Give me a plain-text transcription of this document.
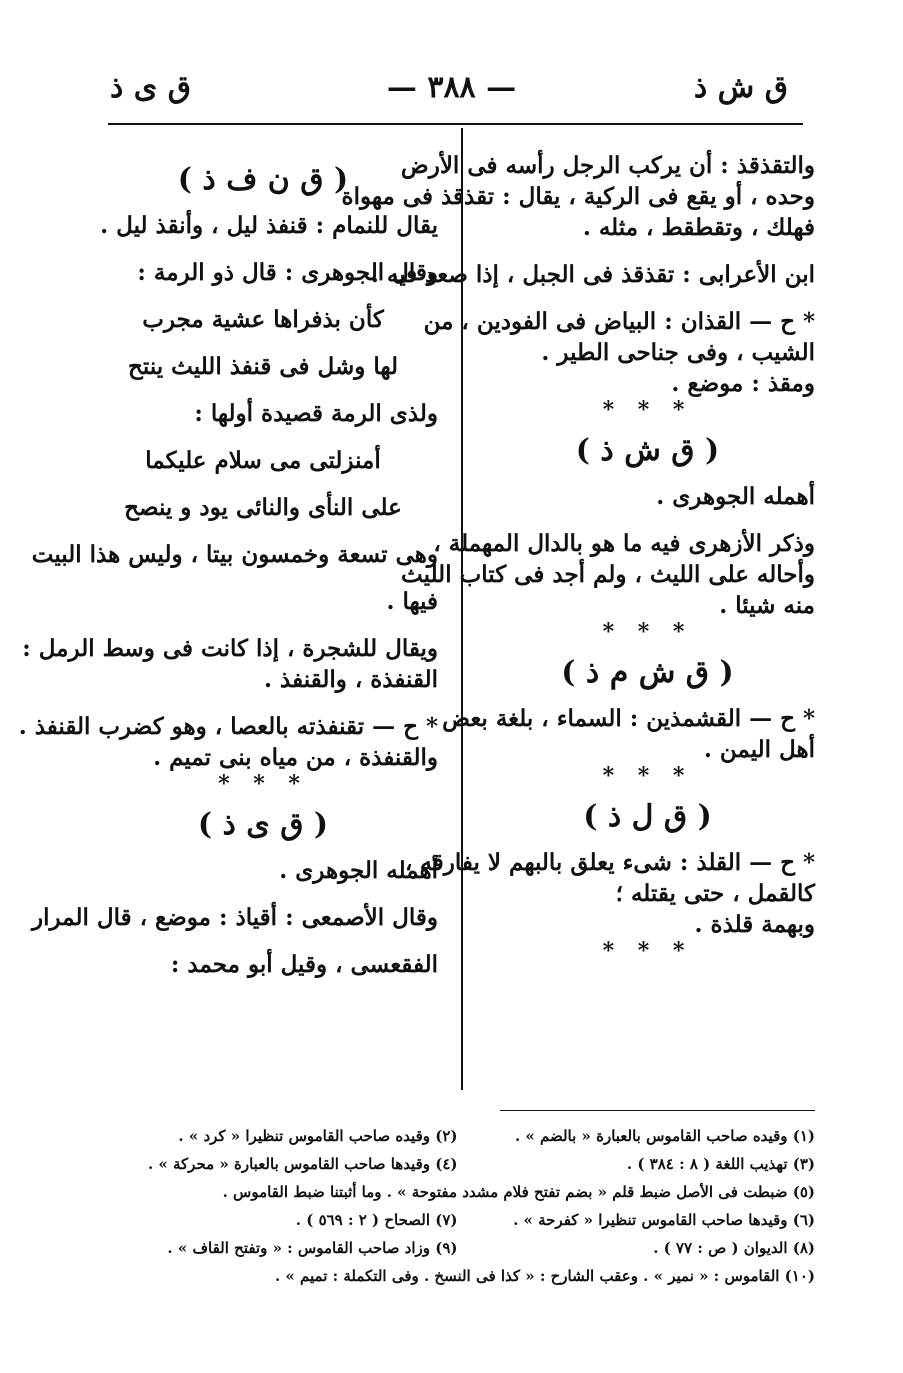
ق ش ذ
— ٣٨٨ —
ق ى ذ
والتقذقذ : أن يركب الرجل رأسه فى الأرض
وحده ، أو يقع فى الركية ، يقال : تقذقذ فى مهواة
فهلك ، وتقطقط ، مثله .
ابن الأعرابى : تقذقذ فى الجبل ، إذا صعد فيه .
* ح — القذان : البياض فى الفودين ، من
الشيب ، وفى جناحى الطير .
ومقذ : موضع .
* * *
( ق ش ذ )
أهمله الجوهرى .
وذكر الأزهرى فيه ما هو بالدال المهملة ،
وأحاله على الليث ، ولم أجد فى كتاب الليث
منه شيئا .
* * *
( ق ش م ذ )
* ح — القشمذين : السماء ، بلغة بعض
أهل اليمن .
* * *
( ق ل ذ )
* ح — القلذ : شىء يعلق بالبهم لا يفارقه ،
كالقمل ، حتى يقتله ؛
وبهمة قلذة .
* * *
( ق ن ف ذ )
يقال للنمام : قنفذ ليل ، وأنقذ ليل .
وقال الجوهرى : قال ذو الرمة :
كأن بذفراها عشية مجرب
لها وشل فى قنفذ الليث ينتح
ولذى الرمة قصيدة أولها :
أمنزلتى مى سلام عليكما
على النأى والنائى يود و ينصح
وهى تسعة وخمسون بيتا ، وليس هذا البيت
فيها .
ويقال للشجرة ، إذا كانت فى وسط الرمل :
القنفذة ، والقنفذ .
* ح — تقنفذته بالعصا ، وهو كضرب القنفذ .
والقنفذة ، من مياه بنى تميم .
* * *
( ق ى ذ )
أهمله الجوهرى .
وقال الأصمعى : أقياذ : موضع ، قال المرار
الفقعسى ، وقيل أبو محمد :
(١) وقيده صاحب القاموس بالعبارة « بالضم » .
(٢) وقيده صاحب القاموس تنظيرا « كرد » .
(٣) تهذيب اللغة ( ٨ : ٣٨٤ ) .
(٤) وقيدها صاحب القاموس بالعبارة « محركة » .
(٥) ضبطت فى الأصل ضبط قلم « بضم تفتح فلام مشدد مفتوحة » . وما أثبتنا ضبط القاموس .
(٦) وقيدها صاحب القاموس تنظيرا « كفرحة » .
(٧) الصحاح ( ٢ : ٥٦٩ ) .
(٨) الديوان ( ص : ٧٧ ) .
(٩) وزاد صاحب القاموس : « وتفتح القاف » .
(١٠) القاموس : « نمير » . وعقب الشارح : « كذا فى النسخ . وفى التكملة : تميم » .
